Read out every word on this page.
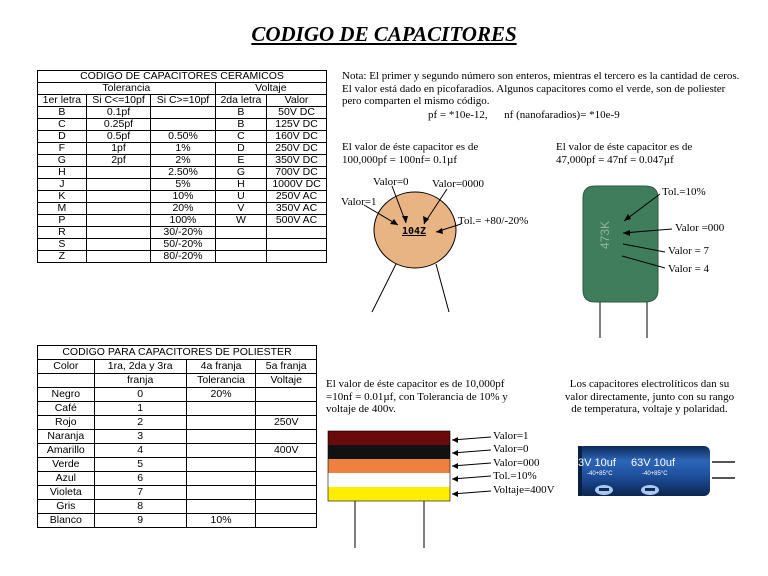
CODIGO DE CAPACITORES
CODIGO DE CAPACITORES CERAMICOS				
Tolerancia			Voltaje	
1er letra	Si C<=10pf	Si C>=10pf	2da letra	Valor
B	0.1pf		B	50V DC
C	0.25pf		B	125V DC
D	0.5pf	0.50%	C	160V DC
F	1pf	1%	D	250V DC
G	2pf	2%	E	350V DC
H		2.50%	G	700V DC
J		5%	H	1000V DC
K		10%	U	250V AC
M		20%	V	350V AC
P		100%	W	500V AC
R		30/-20%		
S		50/-20%		
Z		80/-20%		
Nota: El primer y segundo número son enteros, mientras el tercero es la cantidad de ceros. El valor está dado en picofaradios. Algunos capacitores como el verde, son de poliester pero comparten el mismo código.
pf = *10e-12,      nf (nanofaradios)= *10e-9
El valor de éste capacitor es de 100,000pf = 100nf= 0.1µf
104Z
Valor=0 Valor=0000
Valor=1
Tol.= +80/-20%
El valor de éste capacitor es de 47,000pf = 47nf = 0.047µf
473K
Tol.=10%
Valor =000
Valor = 7
Valor = 4
CODIGO PARA CAPACITORES DE POLIESTER			
Color	1ra, 2da y 3ra	4a franja	5a franja
	franja	Tolerancia	Voltaje
Negro	0	20%	
Café	1		
Rojo	2		250V
Naranja	3		
Amarillo	4		400V
Verde	5		
Azul	6		
Violeta	7		
Gris	8		
Blanco	9	10%	
El valor de éste capacitor es de 10,000pf =10nf = 0.01µf, con Tolerancia de 10% y voltaje de 400v.
Valor=1
Valor=0
Valor=000
Tol.=10%
Voltaje=400V
Los capacitores electrolíticos dan su valor directamente, junto con su rango de temperatura, voltaje y polaridad.
3V 10uf
-40+85°C
63V 10uf
-40+85°C
